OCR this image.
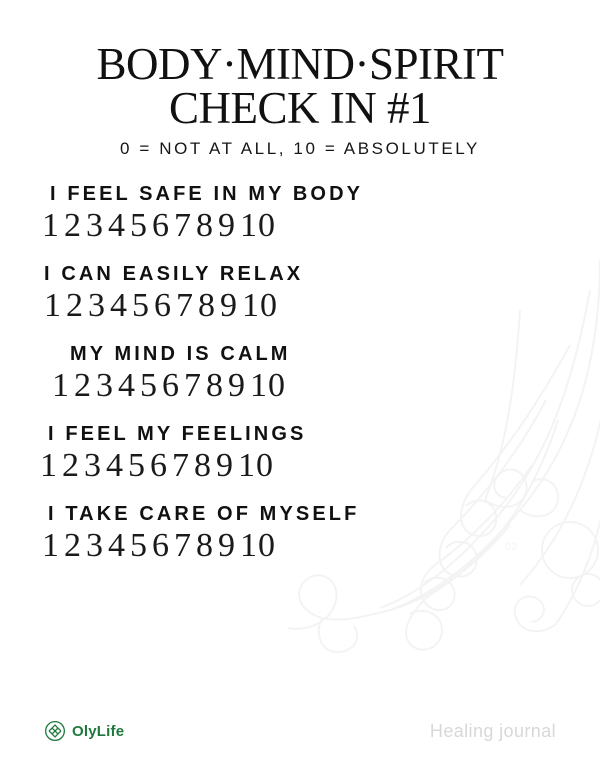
.03
BODY·MIND·SPIRIT
CHECK IN #1
0 = NOT AT ALL, 10 = ABSOLUTELY
I FEEL SAFE IN MY BODY
1 2 3 4 5 6 7 8 9 10
I CAN EASILY RELAX
1 2 3 4 5 6 7 8 9 10
MY MIND IS CALM
1 2 3 4 5 6 7 8 9 10
I FEEL MY FEELINGS
1 2 3 4 5 6 7 8 9 10
I TAKE CARE OF MYSELF
1 2 3 4 5 6 7 8 9 10
OlyLife	Healing journal
